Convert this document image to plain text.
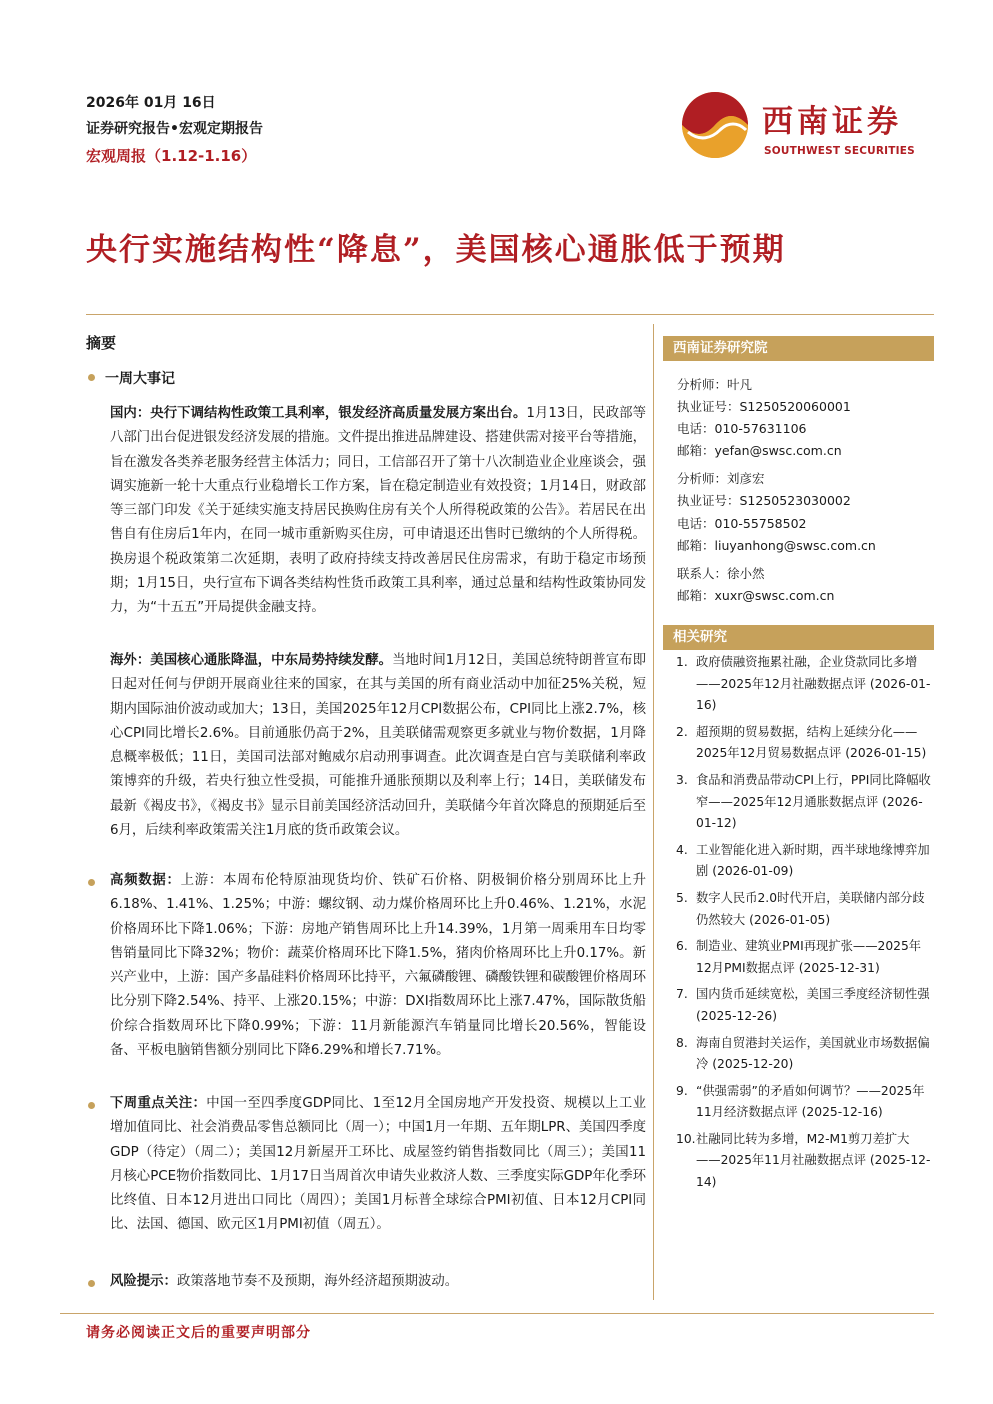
2026年 01月 16日
证券研究报告•宏观定期报告
宏观周报（1.12-1.16）
西南证券
SOUTHWEST SECURITIES
央行实施结构性“降息”，美国核心通胀低于预期
摘要
一周大事记

国内：央行下调结构性政策工具利率，银发经济高质量发展方案出台。1月13日，民政部等八部门出台促进银发经济发展的措施。文件提出推进品牌建设、搭建供需对接平台等措施，旨在激发各类养老服务经营主体活力；同日，工信部召开了第十八次制造业企业座谈会，强调实施新一轮十大重点行业稳增长工作方案，旨在稳定制造业有效投资；1月14日，财政部等三部门印发《关于延续实施支持居民换购住房有关个人所得税政策的公告》。若居民在出售自有住房后1年内，在同一城市重新购买住房，可申请退还出售时已缴纳的个人所得税。换房退个税政策第二次延期，表明了政府持续支持改善居民住房需求，有助于稳定市场预期；1月15日，央行宣布下调各类结构性货币政策工具利率，通过总量和结构性政策协同发力，为“十五五”开局提供金融支持。

海外：美国核心通胀降温，中东局势持续发酵。当地时间1月12日，美国总统特朗普宣布即日起对任何与伊朗开展商业往来的国家，在其与美国的所有商业活动中加征25%关税，短期内国际油价波动或加大；13日，美国2025年12月CPI数据公布，CPI同比上涨2.7%，核心CPI同比增长2.6%。目前通胀仍高于2%，且美联储需观察更多就业与物价数据，1月降息概率极低；11日，美国司法部对鲍威尔启动刑事调查。此次调查是白宫与美联储利率政策博弈的升级，若央行独立性受损，可能推升通胀预期以及利率上行；14日，美联储发布最新《褐皮书》，《褐皮书》显示目前美国经济活动回升，美联储今年首次降息的预期延后至6月，后续利率政策需关注1月底的货币政策会议。

高频数据：上游：本周布伦特原油现货均价、铁矿石价格、阴极铜价格分别周环比上升6.18%、1.41%、1.25%；中游：螺纹钢、动力煤价格周环比上升0.46%、1.21%，水泥价格周环比下降1.06%；下游：房地产销售周环比上升14.39%，1月第一周乘用车日均零售销量同比下降32%；物价：蔬菜价格周环比下降1.5%，猪肉价格周环比上升0.17%。新兴产业中，上游：国产多晶硅料价格周环比持平，六氟磷酸锂、磷酸铁锂和碳酸锂价格周环比分别下降2.54%、持平、上涨20.15%；中游：DXI指数周环比上涨7.47%，国际散货船价综合指数周环比下降0.99%；下游：11月新能源汽车销量同比增长20.56%，智能设备、平板电脑销售额分别同比下降6.29%和增长7.71%。

下周重点关注：中国一至四季度GDP同比、1至12月全国房地产开发投资、规模以上工业增加值同比、社会消费品零售总额同比（周一）；中国1月一年期、五年期LPR、美国四季度GDP（待定）（周二）；美国12月新屋开工环比、成屋签约销售指数同比（周三）；美国11月核心PCE物价指数同比、1月17日当周首次申请失业救济人数、三季度实际GDP年化季环比终值、日本12月进出口同比（周四）；美国1月标普全球综合PMI初值、日本12月CPI同比、法国、德国、欧元区1月PMI初值（周五）。

风险提示：政策落地节奏不及预期，海外经济超预期波动。

西南证券研究院
分析师：叶凡
执业证号：S1250520060001
电话：010-57631106
邮箱：yefan@swsc.com.cn
分析师：刘彦宏
执业证号：S1250523030002
电话：010-55758502
邮箱：liuyanhong@swsc.com.cn
联系人：徐小然
邮箱：xuxr@swsc.com.cn
相关研究
1. 政府债融资拖累社融，企业贷款同比多增——2025年12月社融数据点评 (2026-01-16)
2. 超预期的贸易数据，结构上延续分化——2025年12月贸易数据点评 (2026-01-15)
3. 食品和消费品带动CPI上行，PPI同比降幅收窄——2025年12月通胀数据点评 (2026-01-12)
4. 工业智能化进入新时期，西半球地缘博弈加剧 (2026-01-09)
5. 数字人民币2.0时代开启，美联储内部分歧仍然较大 (2026-01-05)
6. 制造业、建筑业PMI再现扩张——2025年12月PMI数据点评 (2025-12-31)
7. 国内货币延续宽松，美国三季度经济韧性强 (2025-12-26)
8. 海南自贸港封关运作，美国就业市场数据偏冷 (2025-12-20)
9. “供强需弱”的矛盾如何调节？——2025年11月经济数据点评 (2025-12-16)
10. 社融同比转为多增，M2-M1剪刀差扩大——2025年11月社融数据点评 (2025-12-14)
请务必阅读正文后的重要声明部分
